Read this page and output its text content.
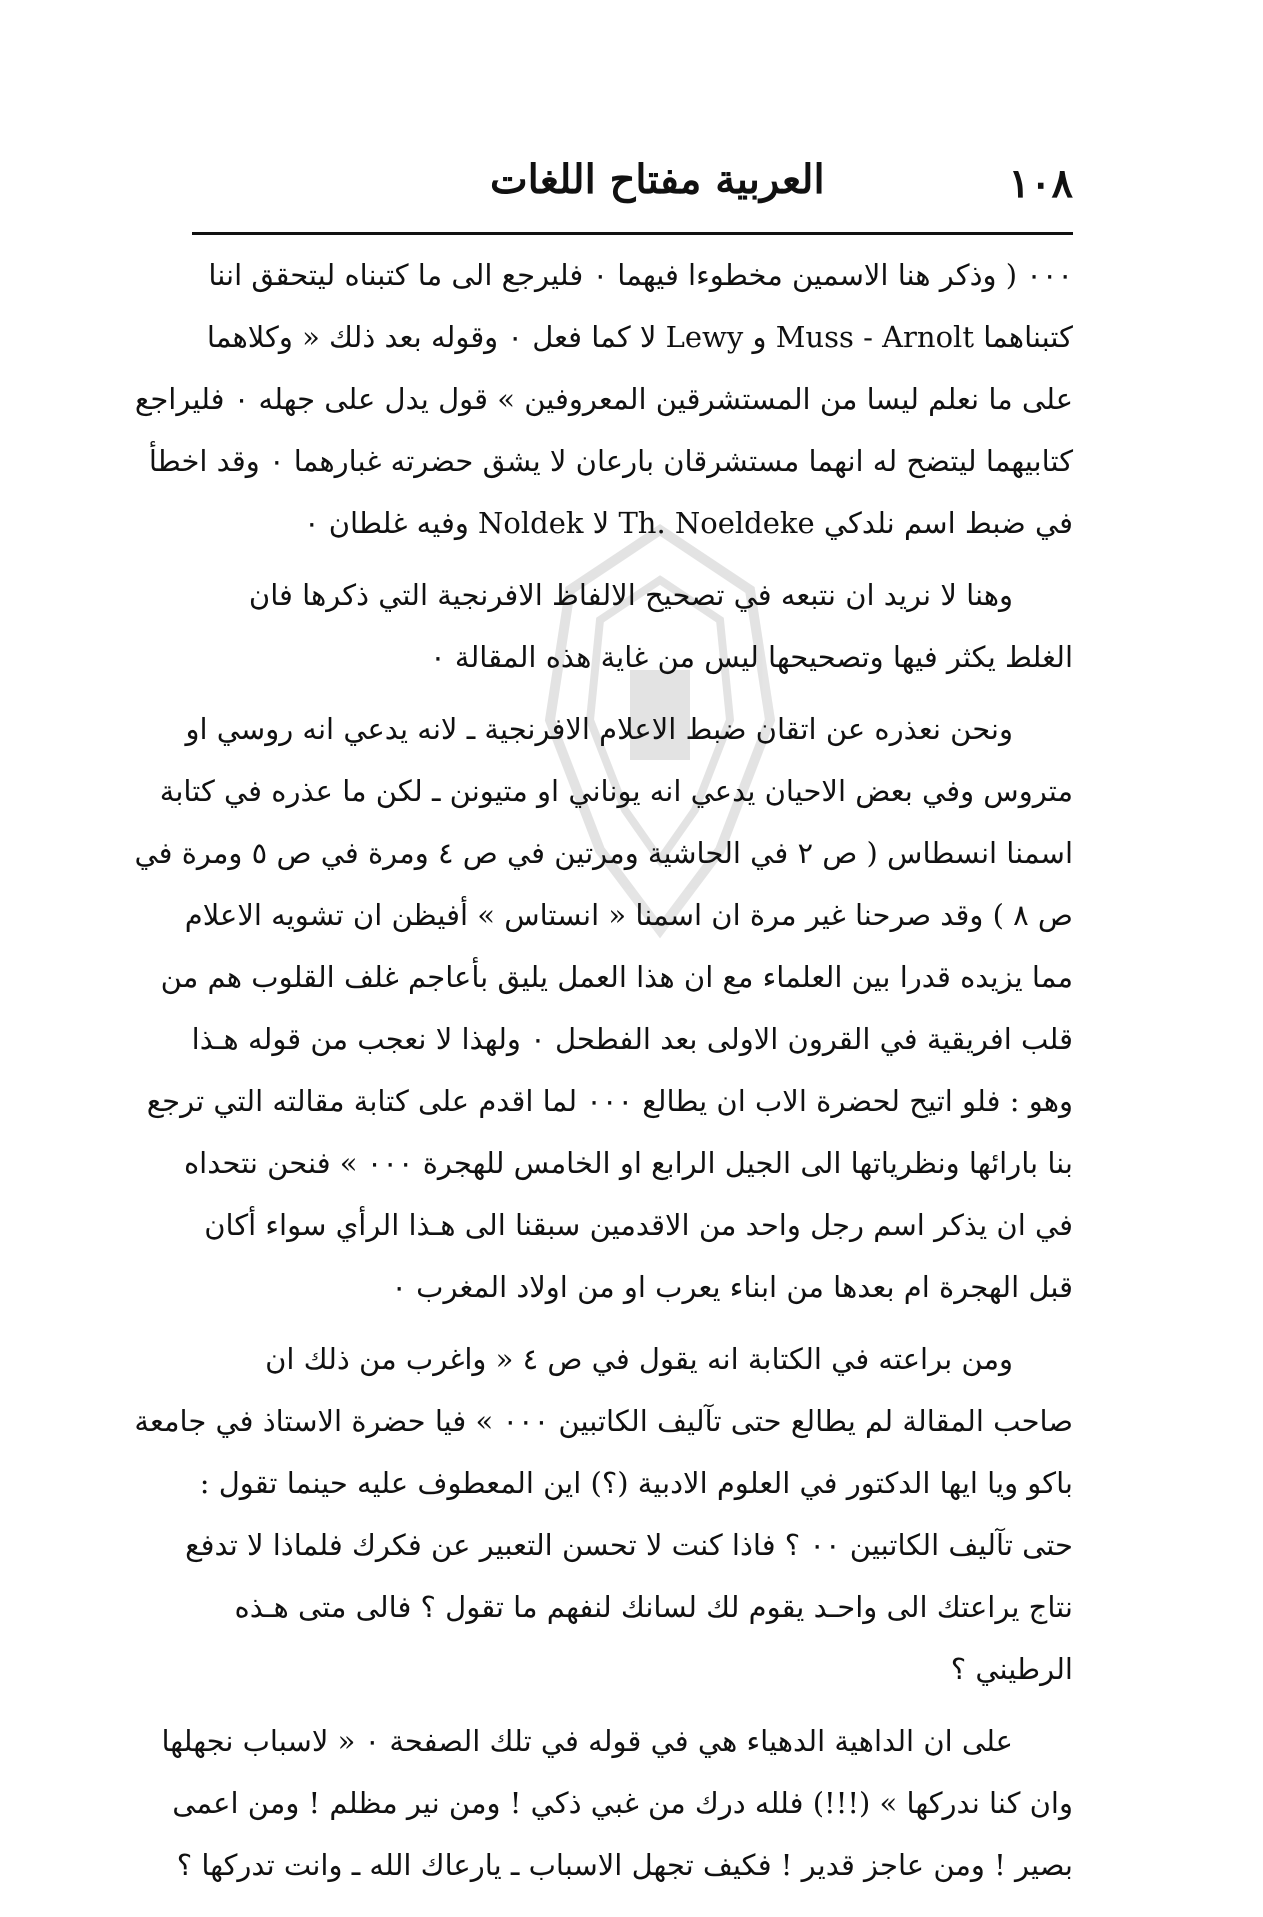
١٠٨
العربية مفتاح اللغات
٠٠٠ ( وذكر هنا الاسمين مخطوءا فيهما ٠ فليرجع الى ما كتبناه ليتحقق اننا
كتبناهما Muss - Arnolt و Lewy لا كما فعل ٠ وقوله بعد ذلك « وكلاهما
على ما نعلم ليسا من المستشرقين المعروفين » قول يدل على جهله ٠ فليراجع
كتابيهما ليتضح له انهما مستشرقان بارعان لا يشق حضرته غبارهما ٠ وقد اخطأ
في ضبط اسم نلدكي Th. Noeldeke لا Noldek وفيه غلطان ٠
وهنا لا نريد ان نتبعه في تصحيح الالفاظ الافرنجية التي ذكرها فان
الغلط يكثر فيها وتصحيحها ليس من غاية هذه المقالة ٠
ونحن نعذره عن اتقان ضبط الاعلام الافرنجية ـ لانه يدعي انه روسي او
متروس وفي بعض الاحيان يدعي انه يوناني او متيونن ـ لكن ما عذره في كتابة
اسمنا انسطاس ( ص ٢ في الحاشية ومرتين في ص ٤ ومرة في ص ٥ ومرة في
ص ٨ ) وقد صرحنا غير مرة ان اسمنا « انستاس » أفيظن ان تشويه الاعلام
مما يزيده قدرا بين العلماء مع ان هذا العمل يليق بأعاجم غلف القلوب هم من
قلب افريقية في القرون الاولى بعد الفطحل ٠ ولهذا لا نعجب من قوله هـذا
وهو : فلو اتيح لحضرة الاب ان يطالع ٠٠٠ لما اقدم على كتابة مقالته التي ترجع
بنا بارائها ونظرياتها الى الجيل الرابع او الخامس للهجرة ٠٠٠ » فنحن نتحداه
في ان يذكر اسم رجل واحد من الاقدمين سبقنا الى هـذا الرأي سواء أكان
قبل الهجرة ام بعدها من ابناء يعرب او من اولاد المغرب ٠
ومن براعته في الكتابة انه يقول في ص ٤ « واغرب من ذلك ان
صاحب المقالة لم يطالع حتى تآليف الكاتبين ٠٠٠ » فيا حضرة الاستاذ في جامعة
باكو ويا ايها الدكتور في العلوم الادبية (؟) اين المعطوف عليه حينما تقول :
حتى تآليف الكاتبين ٠٠ ؟ فاذا كنت لا تحسن التعبير عن فكرك فلماذا لا تدفع
نتاج يراعتك الى واحـد يقوم لك لسانك لنفهم ما تقول ؟ فالى متى هـذه
الرطيني ؟
على ان الداهية الدهياء هي في قوله في تلك الصفحة ٠ « لاسباب نجهلها
وان كنا ندركها » (!!!) فلله درك من غبي ذكي ! ومن نير مظلم ! ومن اعمى
بصير ! ومن عاجز قدير ! فكيف تجهل الاسباب ـ يارعاك الله ـ وانت تدركها ؟
